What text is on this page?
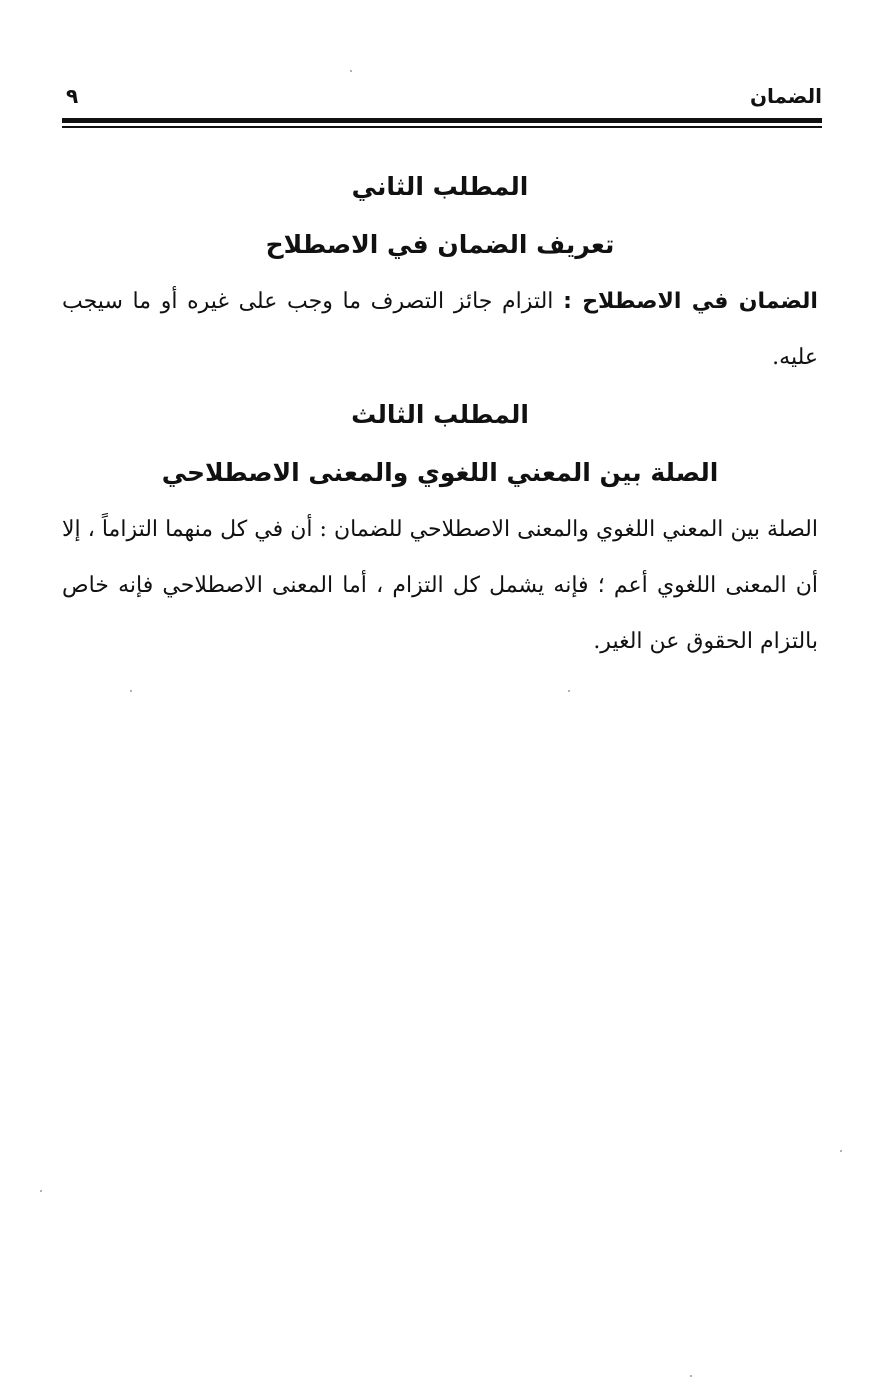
الضمان
٩
المطلب الثاني
تعريف الضمان في الاصطلاح

الضمان في الاصطلاح : التزام جائز التصرف ما وجب على غيره أو ما سيجب عليه.

المطلب الثالث
الصلة بين المعني اللغوي والمعنى الاصطلاحي

الصلة بين المعني اللغوي والمعنى الاصطلاحي للضمان : أن في كل منهما التزاماً ، إلا أن المعنى اللغوي أعم ؛ فإنه يشمل كل التزام ، أما المعنى الاصطلاحي فإنه خاص بالتزام الحقوق عن الغير.
